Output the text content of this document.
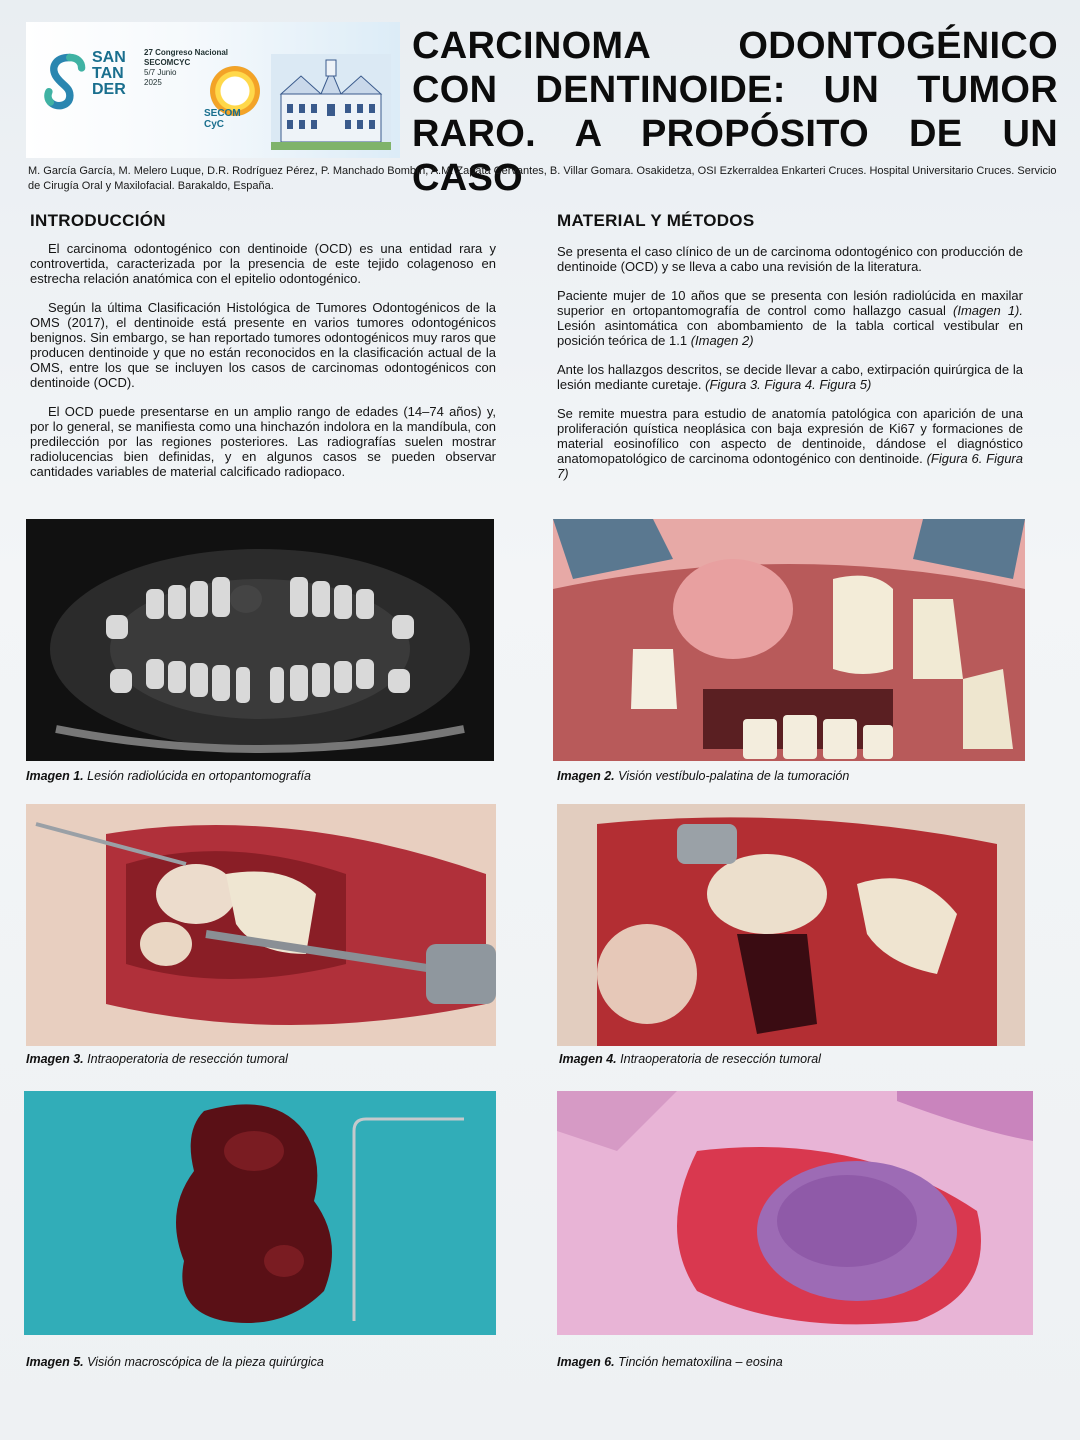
SAN
TAN
DER
27 Congreso Nacional
SECOMCYC
5/7 Junio
2025
SECOM
CyC
CARCINOMA ODONTOGÉNICO CON DENTINOIDE: UN TUMOR RARO. A PROPÓSITO DE UN CASO
M. García García, M. Melero Luque, D.R. Rodríguez Pérez, P. Manchado Bombín, A.M. Zapata Cervantes, B. Villar Gomara. Osakidetza, OSI Ezkerraldea Enkarteri Cruces. Hospital Universitario Cruces. Servicio de Cirugía Oral y Maxilofacial. Barakaldo, España.
INTRODUCCIÓN

El carcinoma odontogénico con dentinoide (OCD) es una entidad rara y controvertida, caracterizada por la presencia de este tejido colagenoso en estrecha relación anatómica con el epitelio odontogénico.

Según la última Clasificación Histológica de Tumores Odontogénicos de la OMS (2017), el dentinoide está presente en varios tumores odontogénicos benignos. Sin embargo, se han reportado tumores odontogénicos muy raros que producen dentinoide y que no están reconocidos en la clasificación actual de la OMS, entre los que se incluyen los casos de carcinomas odontogénicos con dentinoide (OCD).

El OCD puede presentarse en un amplio rango de edades (14–74 años) y, por lo general, se manifiesta como una hinchazón indolora en la mandíbula, con predilección por las regiones posteriores. Las radiografías suelen mostrar radiolucencias bien definidas, y en algunos casos se pueden observar cantidades variables de material calcificado radiopaco.

MATERIAL Y MÉTODOS

Se presenta el caso clínico de un de carcinoma odontogénico con producción de dentinoide (OCD) y se lleva a cabo una revisión de la literatura.

Paciente mujer de 10 años que se presenta con lesión radiolúcida en maxilar superior en ortopantomografía de control como hallazgo casual (Imagen 1). Lesión asintomática con abombamiento de la tabla cortical vestibular en posición teórica de 1.1 (Imagen 2)

Ante los hallazgos descritos, se decide llevar a cabo, extirpación quirúrgica de la lesión mediante curetaje. (Figura 3. Figura 4. Figura 5)

Se remite muestra para estudio de anatomía patológica con aparición de una proliferación quística neoplásica con baja expresión de Ki67 y formaciones de material eosinofílico con aspecto de dentinoide, dándose el diagnóstico anatomopatológico de carcinoma odontogénico con dentinoide. (Figura 6. Figura 7)

Imagen 1. Lesión radiolúcida en ortopantomografía	Imagen 2. Visión vestíbulo-palatina de la tumoración
Imagen 3. Intraoperatoria de resección tumoral	Imagen 4. Intraoperatoria de resección tumoral
Imagen 5. Visión macroscópica de la pieza quirúrgica	Imagen 6. Tinción hematoxilina – eosina
